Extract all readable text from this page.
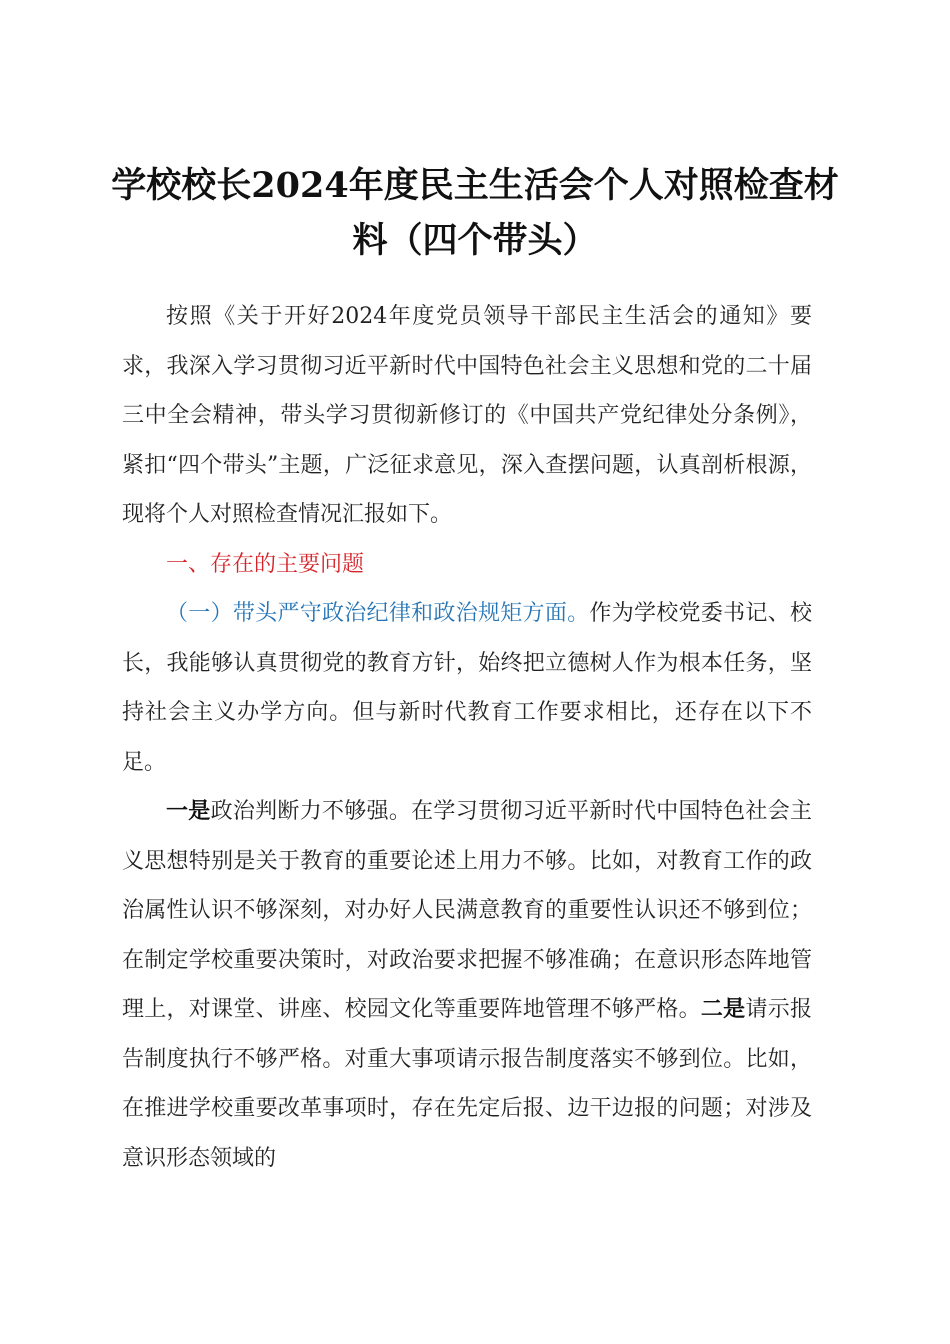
学校校长2024年度民主生活会个人对照检查材料（四个带头）

按照《关于开好2024年度党员领导干部民主生活会的通知》要求，我深入学习贯彻习近平新时代中国特色社会主义思想和党的二十届三中全会精神，带头学习贯彻新修订的《中国共产党纪律处分条例》，紧扣“四个带头”主题，广泛征求意见，深入查摆问题，认真剖析根源，现将个人对照检查情况汇报如下。

一、存在的主要问题

（一）带头严守政治纪律和政治规矩方面。作为学校党委书记、校长，我能够认真贯彻党的教育方针，始终把立德树人作为根本任务，坚持社会主义办学方向。但与新时代教育工作要求相比，还存在以下不足。

一是政治判断力不够强。在学习贯彻习近平新时代中国特色社会主义思想特别是关于教育的重要论述上用力不够。比如，对教育工作的政治属性认识不够深刻，对办好人民满意教育的重要性认识还不够到位；在制定学校重要决策时，对政治要求把握不够准确；在意识形态阵地管理上，对课堂、讲座、校园文化等重要阵地管理不够严格。二是请示报告制度执行不够严格。对重大事项请示报告制度落实不够到位。比如，在推进学校重要改革事项时，存在先定后报、边干边报的问题；对涉及意识形态领域的
